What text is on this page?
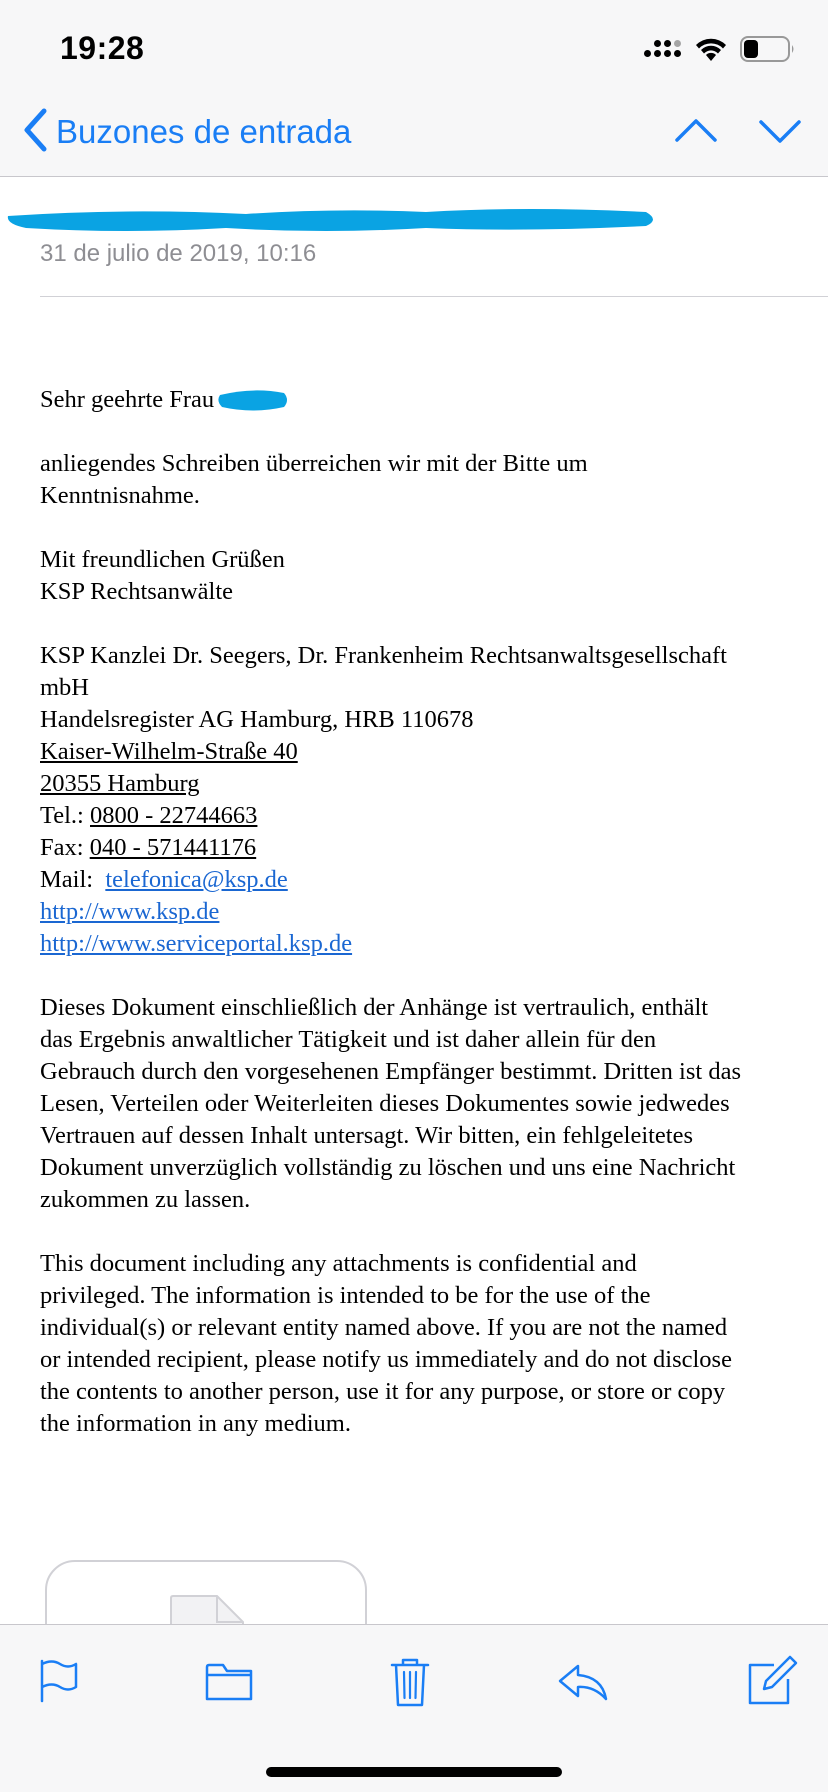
19:28
Buzones de entrada
31 de julio de 2019, 10:16

Sehr geehrte Frau

anliegendes Schreiben überreichen wir mit der Bitte um
Kenntnisnahme.

Mit freundlichen Grüßen
KSP Rechtsanwälte

KSP Kanzlei Dr. Seegers, Dr. Frankenheim Rechtsanwaltsgesellschaft
mbH
Handelsregister AG Hamburg, HRB 110678
Kaiser-Wilhelm-Straße 40
20355 Hamburg
Tel.: 0800 - 22744663
Fax: 040 - 571441176
Mail:  telefonica@ksp.de
http://www.ksp.de
http://www.serviceportal.ksp.de

Dieses Dokument einschließlich der Anhänge ist vertraulich, enthält
das Ergebnis anwaltlicher Tätigkeit und ist daher allein für den
Gebrauch durch den vorgesehenen Empfänger bestimmt. Dritten ist das
Lesen, Verteilen oder Weiterleiten dieses Dokumentes sowie jedwedes
Vertrauen auf dessen Inhalt untersagt. Wir bitten, ein fehlgeleitetes
Dokument unverzüglich vollständig zu löschen und uns eine Nachricht
zukommen zu lassen.

This document including any attachments is confidential and
privileged. The information is intended to be for the use of the
individual(s) or relevant entity named above. If you are not the named
or intended recipient, please notify us immediately and do not disclose
the contents to another person, use it for any purpose, or store or copy
the information in any medium.
